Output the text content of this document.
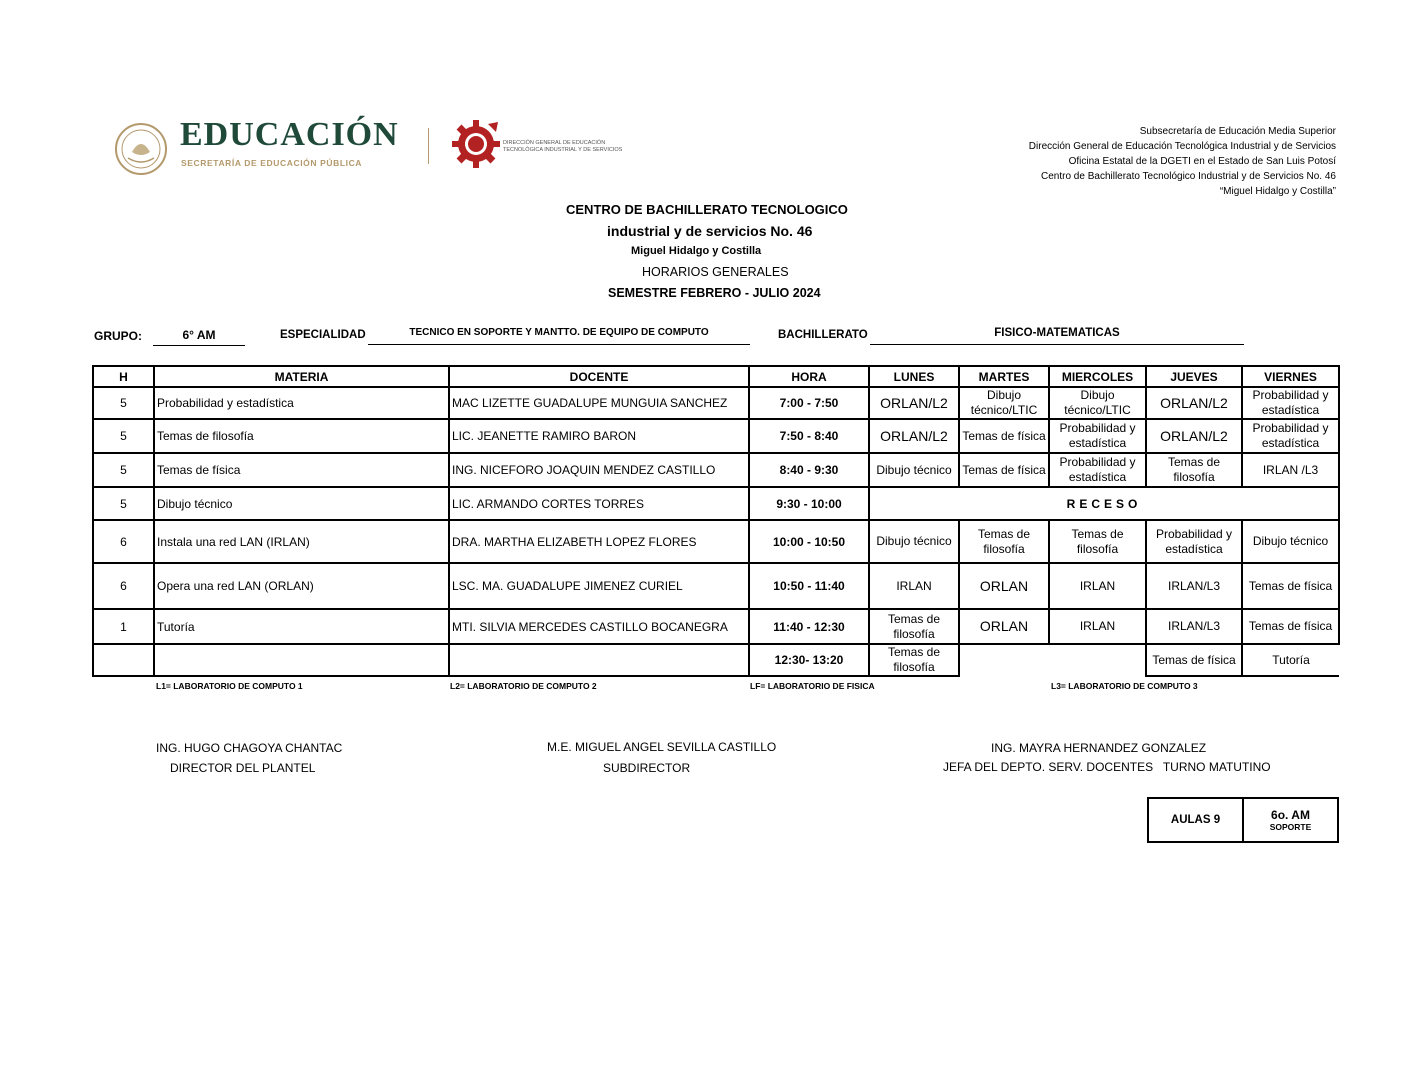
EDUCACIÓN
SECRETARÍA DE EDUCACIÓN PÚBLICA
DIRECCIÓN GENERAL DE EDUCACIÓN
TECNOLÓGICA INDUSTRIAL Y DE SERVICIOS
Subsecretaría de Educación Media Superior
Dirección General de Educación Tecnológica Industrial y de Servicios
Oficina Estatal de la DGETI en el Estado de San Luis Potosí
Centro de Bachillerato Tecnológico Industrial y de Servicios No. 46
“Miguel Hidalgo y Costilla”
CENTRO DE BACHILLERATO TECNOLOGICO
industrial y de servicios No. 46
Miguel Hidalgo y Costilla
HORARIOS GENERALES
SEMESTRE FEBRERO - JULIO 2024
GRUPO:	6° AM	ESPECIALIDAD	TECNICO EN SOPORTE Y MANTTO. DE EQUIPO DE COMPUTO	BACHILLERATO	FISICO-MATEMATICAS
H	MATERIA	DOCENTE	HORA	LUNES	MARTES	MIERCOLES	JUEVES	VIERNES
5	Probabilidad y estadística	MAC LIZETTE GUADALUPE MUNGUIA SANCHEZ	7:00 - 7:50	ORLAN/L2	Dibujo técnico/LTIC	Dibujo técnico/LTIC	ORLAN/L2	Probabilidad y estadística
5	Temas de filosofía	LIC. JEANETTE RAMIRO BARON	7:50 - 8:40	ORLAN/L2	Temas de física	Probabilidad y estadística	ORLAN/L2	Probabilidad y estadística
5	Temas de física	ING. NICEFORO JOAQUIN MENDEZ CASTILLO	8:40 - 9:30	Dibujo técnico	Temas de física	Probabilidad y estadística	Temas de filosofía	IRLAN /L3
5	Dibujo técnico	LIC. ARMANDO CORTES TORRES	9:30 - 10:00	RECESO				
6	Instala una red LAN (IRLAN)	DRA. MARTHA ELIZABETH LOPEZ FLORES	10:00 - 10:50	Dibujo técnico	Temas de filosofía	Temas de filosofía	Probabilidad y estadística	Dibujo técnico
6	Opera una red LAN (ORLAN)	LSC. MA. GUADALUPE JIMENEZ CURIEL	10:50 - 11:40	IRLAN	ORLAN	IRLAN	IRLAN/L3	Temas de física
1	Tutoría	MTI. SILVIA MERCEDES CASTILLO BOCANEGRA	11:40 - 12:30	Temas de filosofía	ORLAN	IRLAN	IRLAN/L3	Temas de física
			12:30- 13:20	Temas de filosofía			Temas de física	Tutoría
L1= LABORATORIO DE COMPUTO 1	L2= LABORATORIO DE COMPUTO 2	LF= LABORATORIO DE FISICA	L3= LABORATORIO DE COMPUTO 3
ING. HUGO CHAGOYA CHANTAC
DIRECTOR DEL PLANTEL
M.E. MIGUEL ANGEL SEVILLA CASTILLO
SUBDIRECTOR
ING. MAYRA HERNANDEZ GONZALEZ
JEFA DEL DEPTO. SERV. DOCENTES   TURNO MATUTINO
AULAS 9	6o. AM
SOPORTE
